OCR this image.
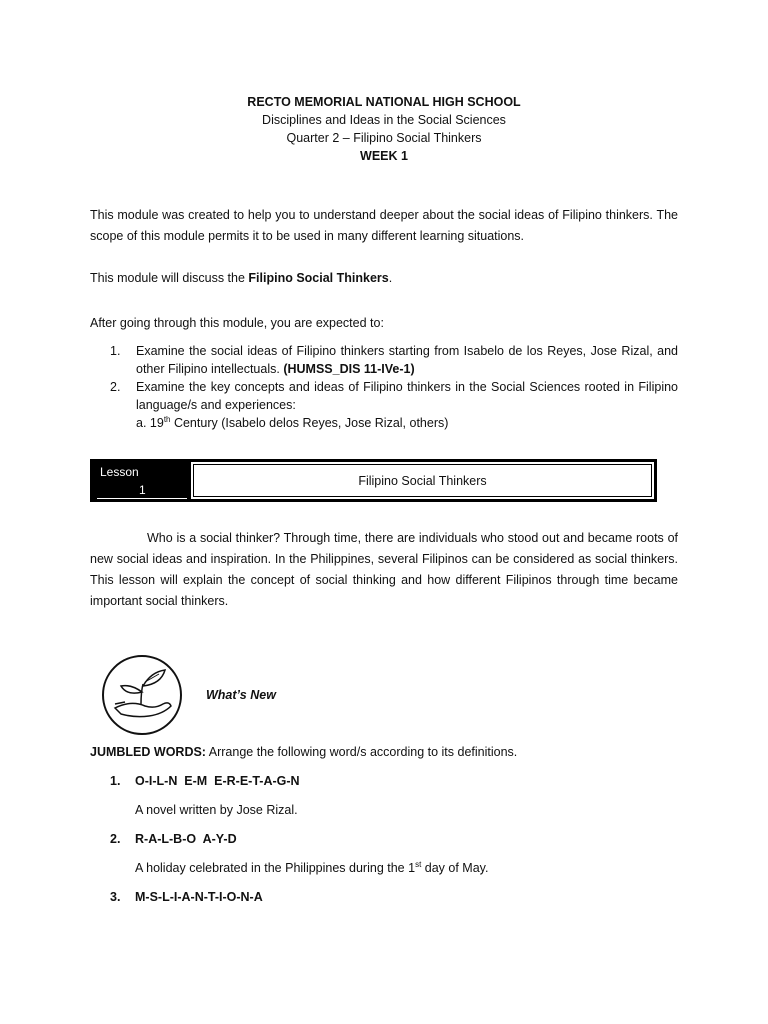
RECTO MEMORIAL NATIONAL HIGH SCHOOL
Disciplines and Ideas in the Social Sciences
Quarter 2 – Filipino Social Thinkers
WEEK 1
This module was created to help you to understand deeper about the social ideas of Filipino thinkers. The scope of this module permits it to be used in many different learning situations.
This module will discuss the Filipino Social Thinkers.
After going through this module, you are expected to:
1. Examine the social ideas of Filipino thinkers starting from Isabelo de los Reyes, Jose Rizal, and other Filipino intellectuals. (HUMSS_DIS 11-IVe-1)
2. Examine the key concepts and ideas of Filipino thinkers in the Social Sciences rooted in Filipino language/s and experiences:
a. 19th Century (Isabelo delos Reyes, Jose Rizal, others)
Lesson
1
Filipino Social Thinkers
Who is a social thinker? Through time, there are individuals who stood out and became roots of new social ideas and inspiration. In the Philippines, several Filipinos can be considered as social thinkers. This lesson will explain the concept of social thinking and how different Filipinos through time became important social thinkers.
What’s New
JUMBLED WORDS: Arrange the following word/s according to its definitions.
1. O-I-L-N  E-M  E-R-E-T-A-G-N
A novel written by Jose Rizal.
2. R-A-L-B-O  A-Y-D
A holiday celebrated in the Philippines during the 1st day of May.
3. M-S-L-I-A-N-T-I-O-N-A
